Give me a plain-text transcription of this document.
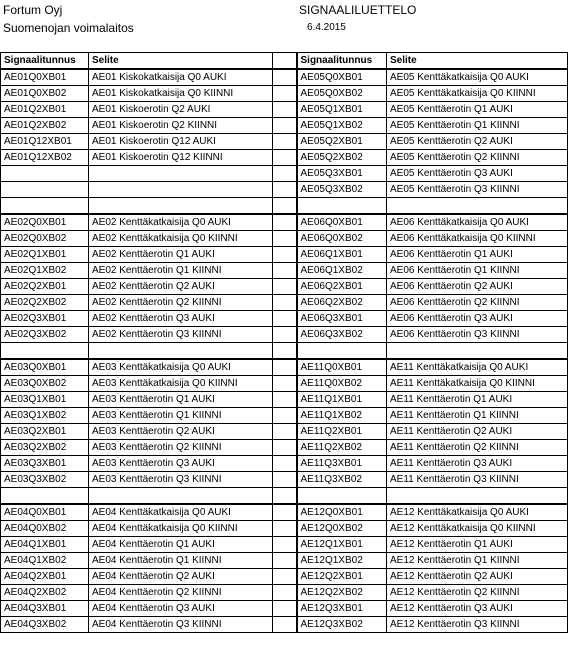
Fortum Oyj
Suomenojan voimalaitos
SIGNAALILUETTELO
6.4.2015
Signaalitunnus	Selite		Signaalitunnus	Selite
AE01Q0XB01	AE01 Kiskokatkaisija Q0 AUKI		AE05Q0XB01	AE05 Kenttäkatkaisija Q0 AUKI
AE01Q0XB02	AE01 Kiskokatkaisija Q0 KIINNI		AE05Q0XB02	AE05 Kenttäkatkaisija Q0 KIINNI
AE01Q2XB01	AE01 Kiskoerotin Q2 AUKI		AE05Q1XB01	AE05 Kenttäerotin Q1 AUKI
AE01Q2XB02	AE01 Kiskoerotin Q2 KIINNI		AE05Q1XB02	AE05 Kenttäerotin Q1 KIINNI
AE01Q12XB01	AE01 Kiskoerotin Q12 AUKI		AE05Q2XB01	AE05 Kenttäerotin Q2 AUKI
AE01Q12XB02	AE01 Kiskoerotin Q12 KIINNI		AE05Q2XB02	AE05 Kenttäerotin Q2 KIINNI
			AE05Q3XB01	AE05 Kenttäerotin Q3 AUKI
			AE05Q3XB02	AE05 Kenttäerotin Q3 KIINNI

AE02Q0XB01	AE02 Kenttäkatkaisija Q0 AUKI		AE06Q0XB01	AE06 Kenttäkatkaisija Q0 AUKI
AE02Q0XB02	AE02 Kenttäkatkaisija Q0 KIINNI		AE06Q0XB02	AE06 Kenttäkatkaisija Q0 KIINNI
AE02Q1XB01	AE02 Kenttäerotin Q1 AUKI		AE06Q1XB01	AE06 Kenttäerotin Q1 AUKI
AE02Q1XB02	AE02 Kenttäerotin Q1 KIINNI		AE06Q1XB02	AE06 Kenttäerotin Q1 KIINNI
AE02Q2XB01	AE02 Kenttäerotin Q2 AUKI		AE06Q2XB01	AE06 Kenttäerotin Q2 AUKI
AE02Q2XB02	AE02 Kenttäerotin Q2 KIINNI		AE06Q2XB02	AE06 Kenttäerotin Q2 KIINNI
AE02Q3XB01	AE02 Kenttäerotin Q3 AUKI		AE06Q3XB01	AE06 Kenttäerotin Q3 AUKI
AE02Q3XB02	AE02 Kenttäerotin Q3 KIINNI		AE06Q3XB02	AE06 Kenttäerotin Q3 KIINNI

AE03Q0XB01	AE03 Kenttäkatkaisija Q0 AUKI		AE11Q0XB01	AE11 Kenttäkatkaisija Q0 AUKI
AE03Q0XB02	AE03 Kenttäkatkaisija Q0 KIINNI		AE11Q0XB02	AE11 Kenttäkatkaisija Q0 KIINNI
AE03Q1XB01	AE03 Kenttäerotin Q1 AUKI		AE11Q1XB01	AE11 Kenttäerotin Q1 AUKI
AE03Q1XB02	AE03 Kenttäerotin Q1 KIINNI		AE11Q1XB02	AE11 Kenttäerotin Q1 KIINNI
AE03Q2XB01	AE03 Kenttäerotin Q2 AUKI		AE11Q2XB01	AE11 Kenttäerotin Q2 AUKI
AE03Q2XB02	AE03 Kenttäerotin Q2 KIINNI		AE11Q2XB02	AE11 Kenttäerotin Q2 KIINNI
AE03Q3XB01	AE03 Kenttäerotin Q3 AUKI		AE11Q3XB01	AE11 Kenttäerotin Q3 AUKI
AE03Q3XB02	AE03 Kenttäerotin Q3 KIINNI		AE11Q3XB02	AE11 Kenttäerotin Q3 KIINNI

AE04Q0XB01	AE04 Kenttäkatkaisija Q0 AUKI		AE12Q0XB01	AE12 Kenttäkatkaisija Q0 AUKI
AE04Q0XB02	AE04 Kenttäkatkaisija Q0 KIINNI		AE12Q0XB02	AE12 Kenttäkatkaisija Q0 KIINNI
AE04Q1XB01	AE04 Kenttäerotin Q1 AUKI		AE12Q1XB01	AE12 Kenttäerotin Q1 AUKI
AE04Q1XB02	AE04 Kenttäerotin Q1 KIINNI		AE12Q1XB02	AE12 Kenttäerotin Q1 KIINNI
AE04Q2XB01	AE04 Kenttäerotin Q2 AUKI		AE12Q2XB01	AE12 Kenttäerotin Q2 AUKI
AE04Q2XB02	AE04 Kenttäerotin Q2 KIINNI		AE12Q2XB02	AE12 Kenttäerotin Q2 KIINNI
AE04Q3XB01	AE04 Kenttäerotin Q3 AUKI		AE12Q3XB01	AE12 Kenttäerotin Q3 AUKI
AE04Q3XB02	AE04 Kenttäerotin Q3 KIINNI		AE12Q3XB02	AE12 Kenttäerotin Q3 KIINNI
